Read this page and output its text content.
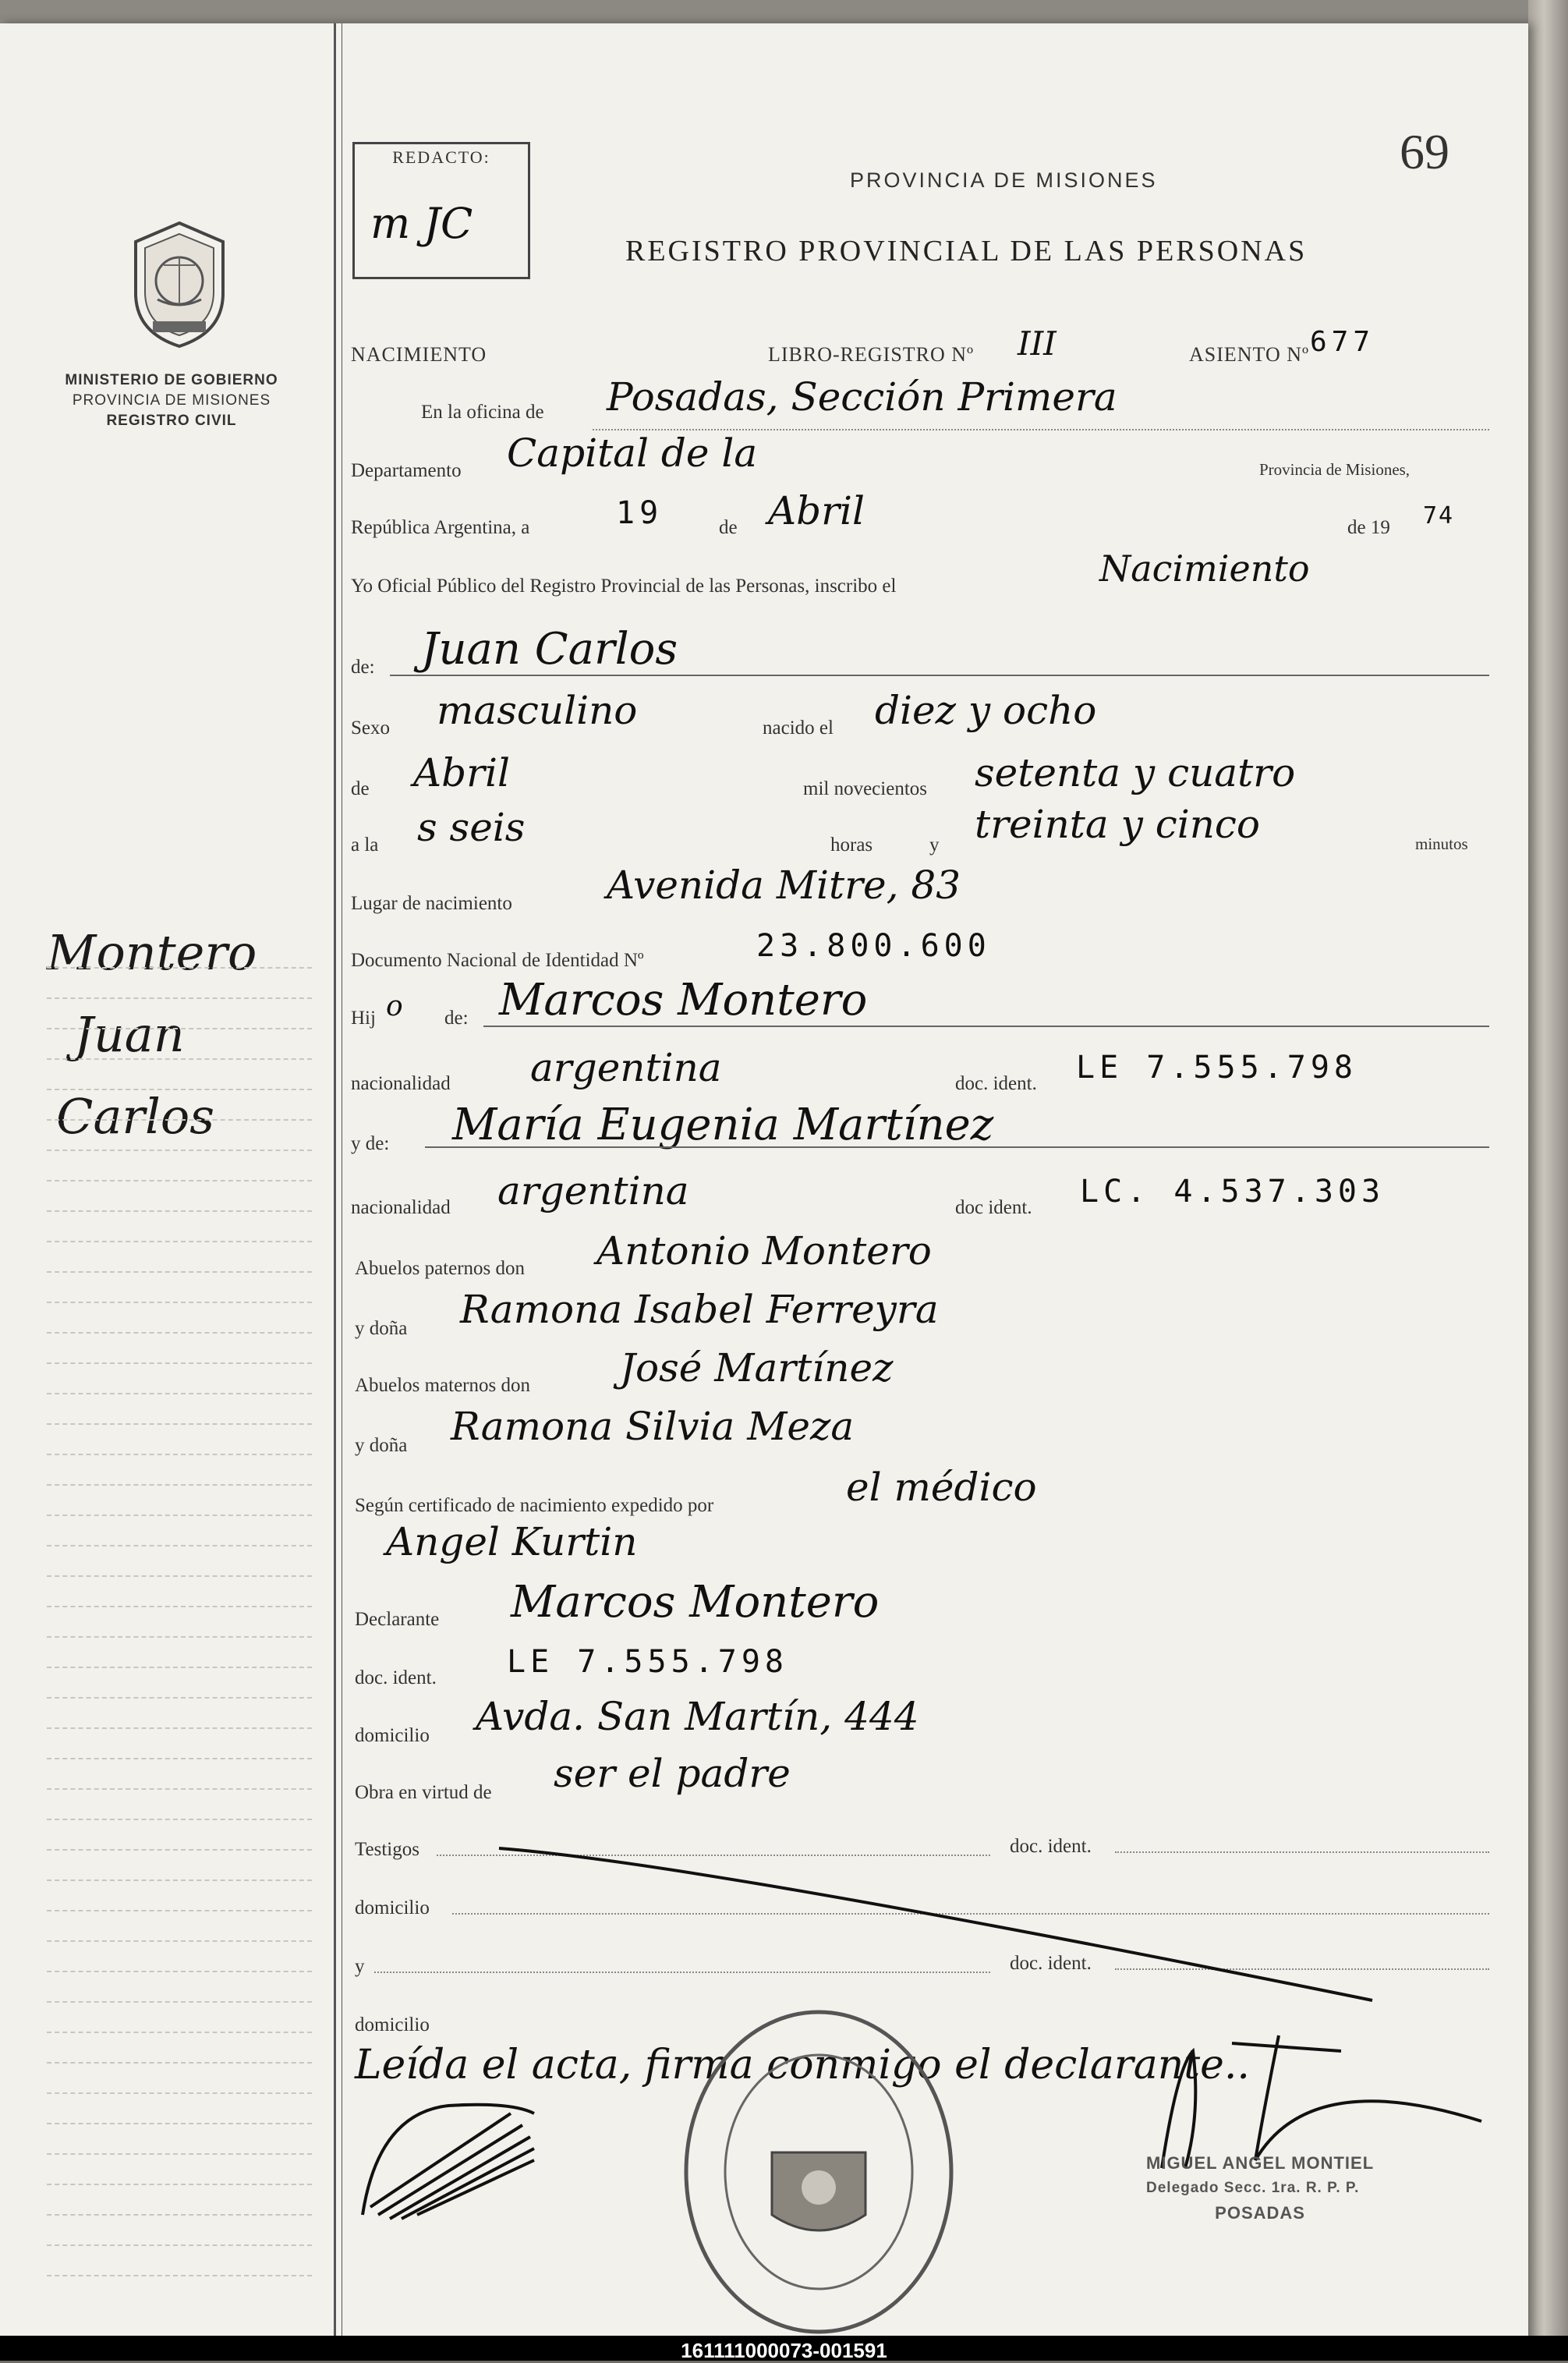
MINISTERIO DE GOBIERNO
PROVINCIA DE MISIONES
REGISTRO CIVIL
Montero
Juan
Carlos
REDACTO:
m JC
69
PROVINCIA DE MISIONES
REGISTRO PROVINCIAL DE LAS PERSONAS
NACIMIENTO	LIBRO-REGISTRO Nº III	ASIENTO Nº 677
En la oficina de Posadas, Sección Primera
Departamento Capital de la	Provincia de Misiones,
República Argentina, a	19	de Abril	de 19 74
Yo Oficial Público del Registro Provincial de las Personas, inscribo el	Nacimiento
de: Juan Carlos
Sexo masculino	nacido el diez y ocho
de Abril	mil novecientos setenta y cuatro
a la s seis	horas	y treinta y cinco	minutos
Lugar de nacimiento Avenida Mitre, 83
Documento Nacional de Identidad Nº	23.800.600
Hij o de: Marcos Montero
nacionalidad argentina	doc. ident. LE 7.555.798
y de: María Eugenia Martínez
nacionalidad argentina	doc ident. LC. 4.537.303
Abuelos paternos don Antonio Montero
y doña Ramona Isabel Ferreyra
Abuelos maternos don José Martínez
y doña Ramona Silvia Meza
Según certificado de nacimiento expedido por	el médico
Angel Kurtin
Declarante Marcos Montero
doc. ident. LE 7.555.798
domicilio Avda. San Martín, 444
Obra en virtud de ser el padre
Testigos	doc. ident.
domicilio
y	doc. ident.
domicilio
Leída el acta, firma conmigo el declarante..
MIGUEL ANGEL MONTIEL
Delegado Secc. 1ra. R. P. P.
POSADAS
161111000073-001591
